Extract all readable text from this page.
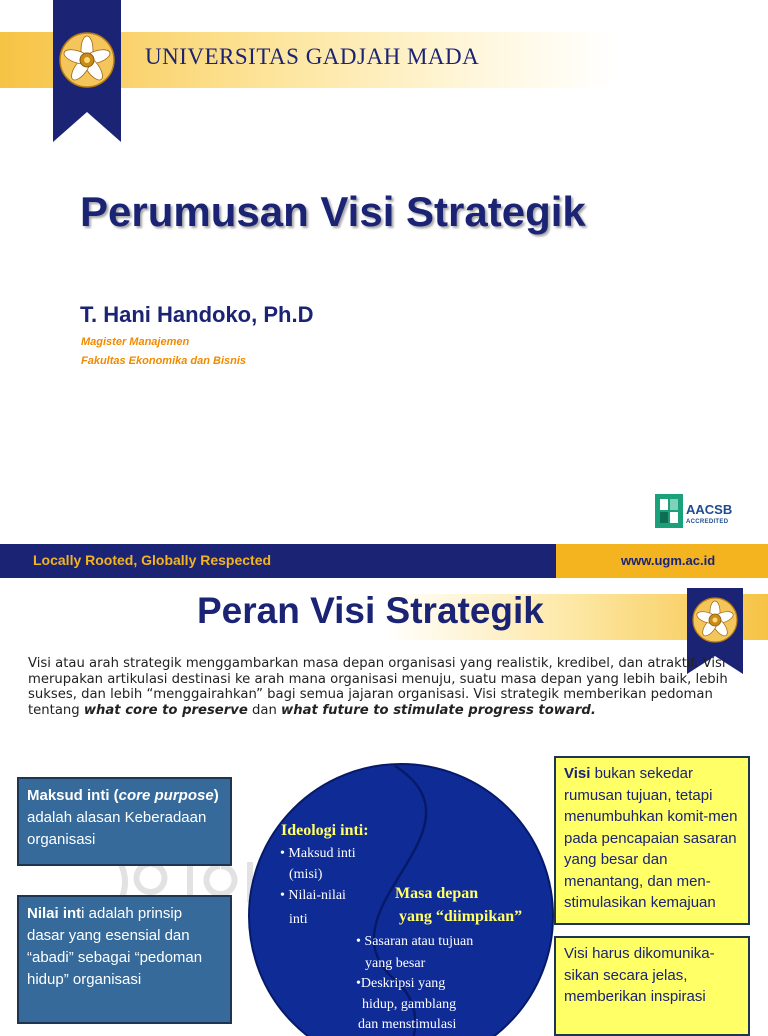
UNIVERSITAS GADJAH MADA
Perumusan Visi Strategik
T. Hani Handoko, Ph.D
Magister Manajemen
Fakultas Ekonomika dan Bisnis
AACSB
ACCREDITED
Locally Rooted, Globally Respected	www.ugm.ac.id
Peran Visi Strategik
Visi atau arah strategik menggambarkan masa depan organisasi yang realistik, kredibel, dan atraktif. Visi merupakan artikulasi destinasi ke arah mana organisasi menuju, suatu masa depan yang lebih baik, lebih sukses, dan lebih “menggairahkan” bagi semua jajaran organisasi. Visi strategik memberikan pedoman tentang what core to preserve dan what future to stimulate progress toward.
Ideologi inti:
• Maksud inti
(misi)
• Nilai-nilai
inti
Masa depan
yang “diimpikan”
• Sasaran atau tujuan
yang besar
•Deskripsi yang
hidup, gamblang
dan menstimulasi
Maksud inti (core purpose) adalah alasan Keberadaan organisasi
Nilai inti adalah prinsip dasar yang esensial dan “abadi” sebagai “pedoman hidup” organisasi
Visi bukan sekedar rumusan tujuan, tetapi menumbuhkan komit-men pada pencapaian sasaran yang besar dan menantang, dan men-stimulasikan kemajuan
Visi harus dikomunika-sikan secara jelas, memberikan inspirasi
